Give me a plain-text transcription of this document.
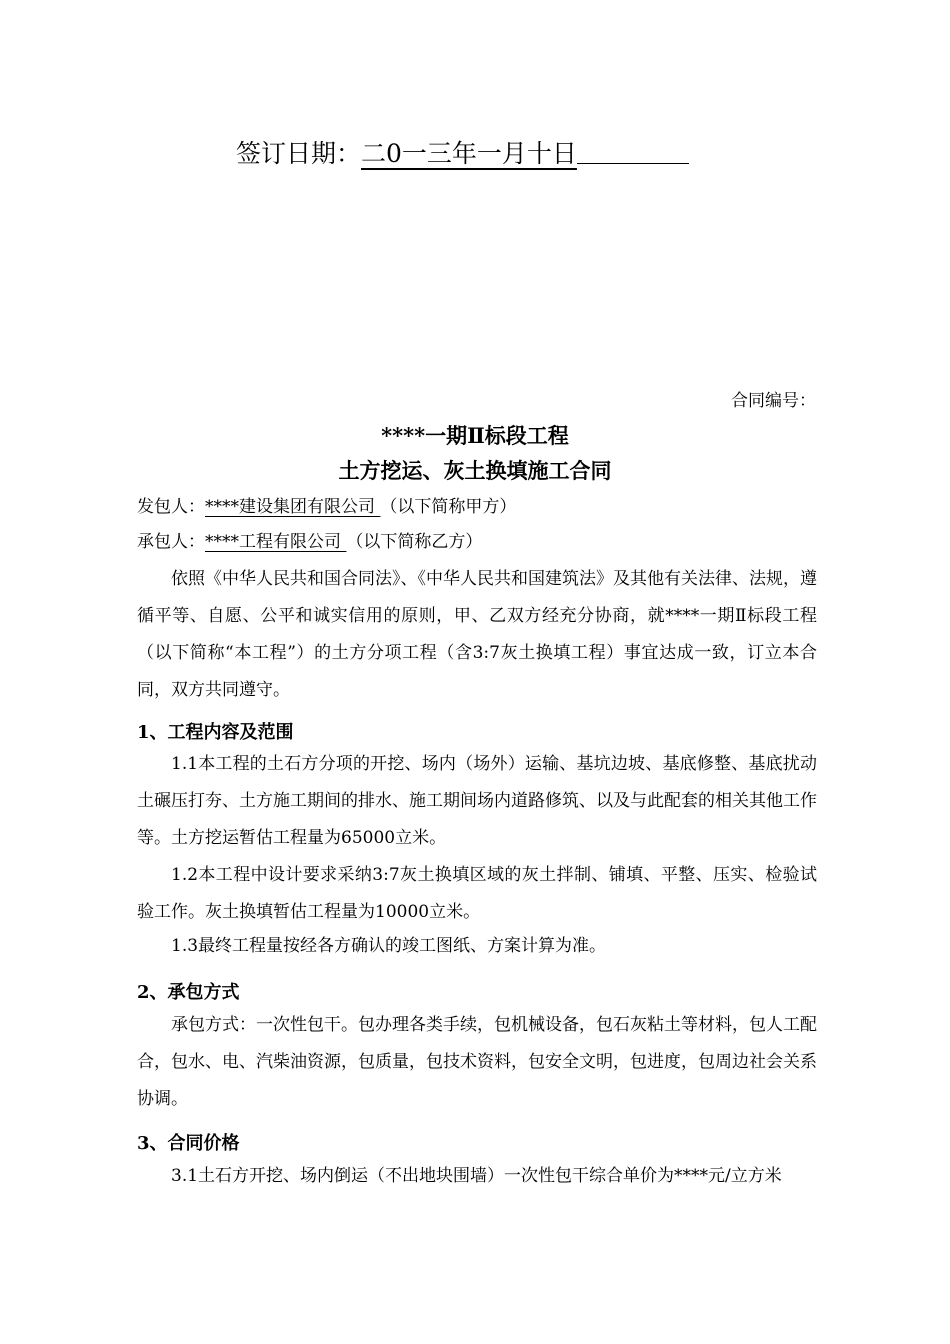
签订日期：二0一三年一月十日
合同编号：
****一期Ⅱ标段工程
土方挖运、灰土换填施工合同
发包人：****建设集团有限公司 （以下简称甲方）
承包人：****工程有限公司 （以下简称乙方）
依照《中华人民共和国合同法》、《中华人民共和国建筑法》及其他有关法律、法规，遵循平等、自愿、公平和诚实信用的原则，甲、乙双方经充分协商，就****一期Ⅱ标段工程（以下简称“本工程”）的土方分项工程（含3:7灰土换填工程）事宜达成一致，订立本合同，双方共同遵守。
1、工程内容及范围
1.1本工程的土石方分项的开挖、场内（场外）运输、基坑边坡、基底修整、基底扰动土碾压打夯、土方施工期间的排水、施工期间场内道路修筑、以及与此配套的相关其他工作等。土方挖运暂估工程量为65000立米。
1.2本工程中设计要求采纳3:7灰土换填区域的灰土拌制、铺填、平整、压实、检验试验工作。灰土换填暂估工程量为10000立米。
1.3最终工程量按经各方确认的竣工图纸、方案计算为准。
2、承包方式
承包方式：一次性包干。包办理各类手续，包机械设备，包石灰粘土等材料，包人工配合，包水、电、汽柴油资源，包质量，包技术资料，包安全文明，包进度，包周边社会关系协调。
3、合同价格
3.1土石方开挖、场内倒运（不出地块围墙）一次性包干综合单价为****元/立方米
